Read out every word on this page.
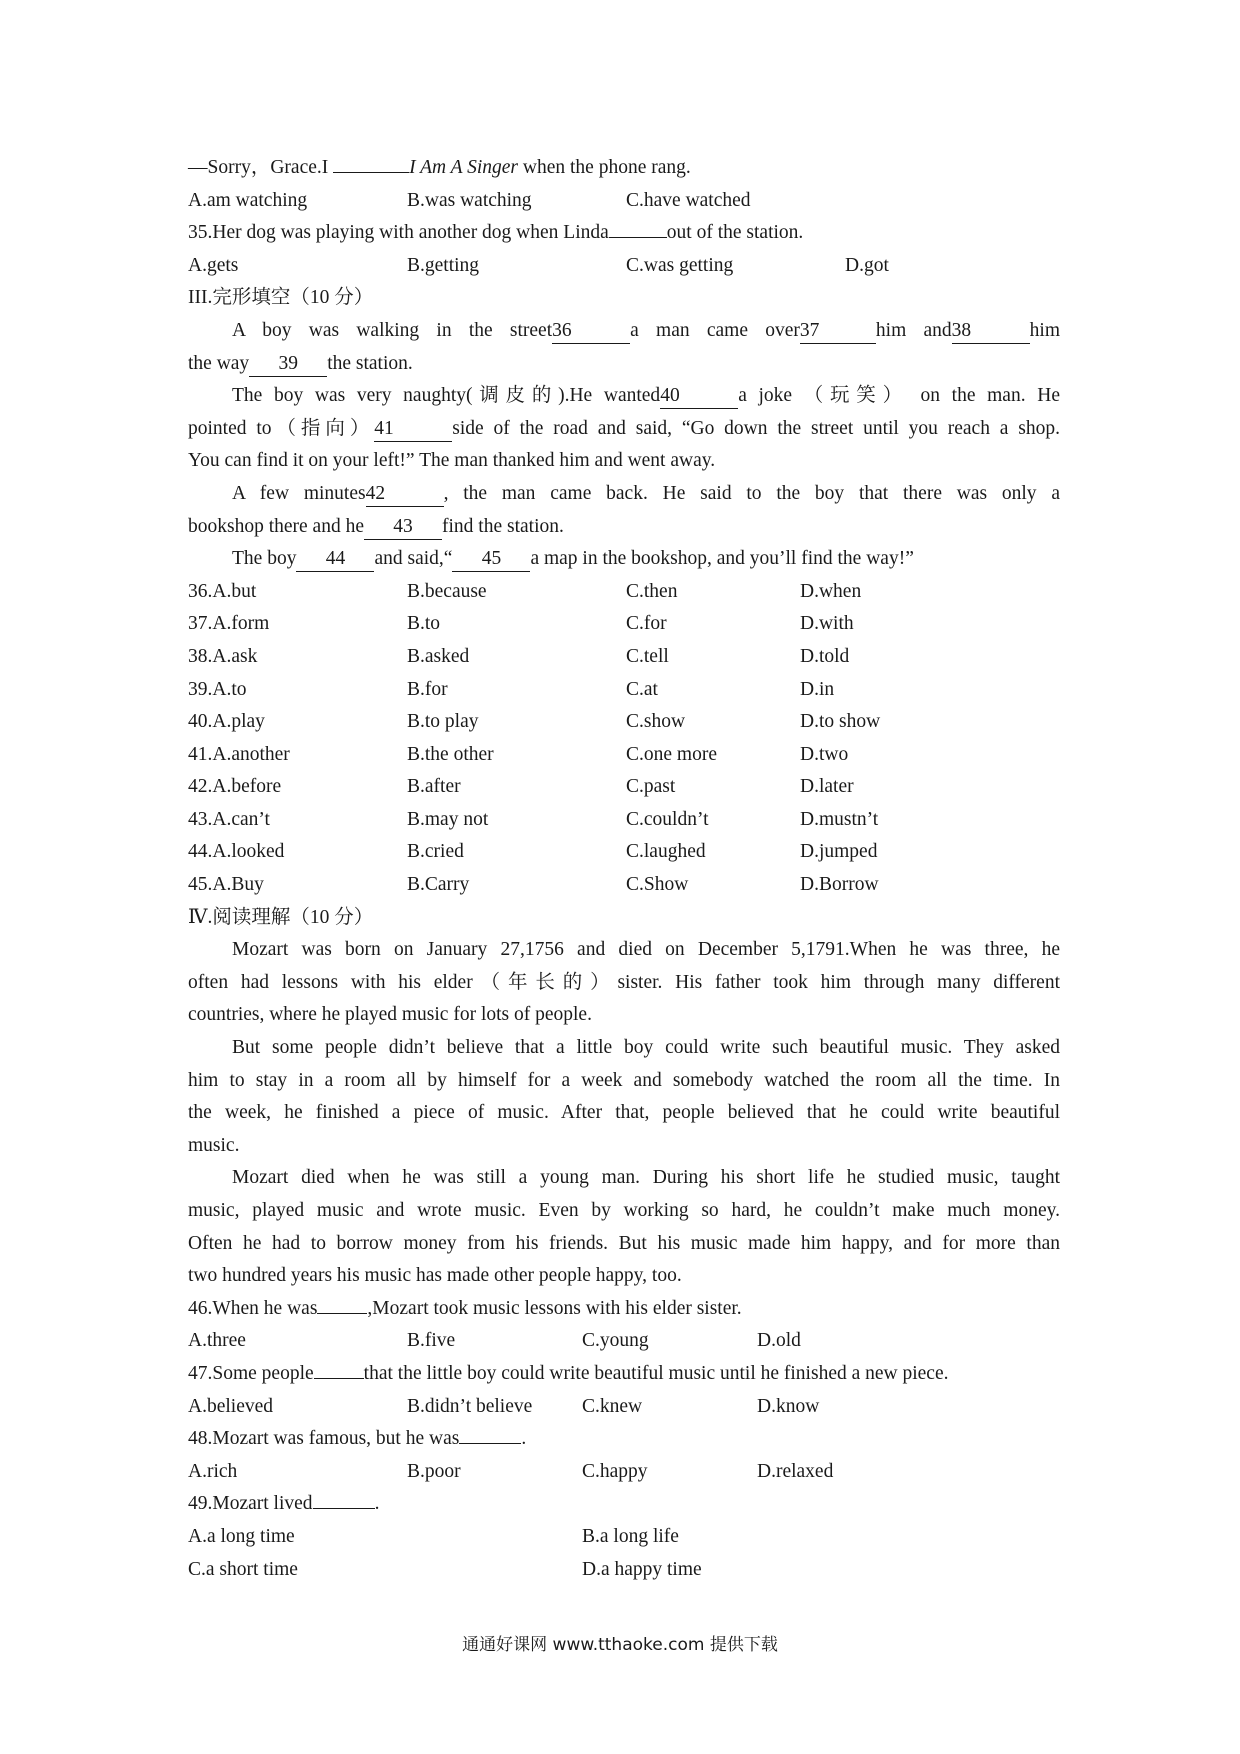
—Sorry，Grace.I	I Am A Singer when the phone rang.
A.am watching	B.was watching	C.have watched
35.Her dog was playing with another dog when Linda	out of the station.
A.gets	B.getting	C.was getting	D.got
III.完形填空（10 分）
A boy was walking in the street36	a man came over37	him and38	him
the way 39 the station.
The boy was very naughty(调皮的).He wanted40	a joke （玩笑） on the man. He
pointed to（指向）41	side of the road and said, “Go down the street until you reach a shop.
You can find it on your left!” The man thanked him and went away.
A few minutes42	, the man came back. He said to the boy that there was only a
bookshop there and he 43 find the station.
The boy 44 and said,“ 45 a map in the bookshop, and you’ll find the way!”
36.A.but	B.because	C.then	D.when
37.A.form	B.to	C.for	D.with
38.A.ask	B.asked	C.tell	D.told
39.A.to	B.for	C.at	D.in
40.A.play	B.to play	C.show	D.to show
41.A.another	B.the other	C.one more	D.two
42.A.before	B.after	C.past	D.later
43.A.can’t	B.may not	C.couldn’t	D.mustn’t
44.A.looked	B.cried	C.laughed	D.jumped
45.A.Buy	B.Carry	C.Show	D.Borrow
Ⅳ.阅读理解（10 分）
Mozart was born on January 27,1756 and died on December 5,1791.When he was three, he
often had lessons with his elder（年长的）sister. His father took him through many different
countries, where he played music for lots of people.
But some people didn’t believe that a little boy could write such beautiful music. They asked
him to stay in a room all by himself for a week and somebody watched the room all the time. In
the week, he finished a piece of music. After that, people believed that he could write beautiful
music.
Mozart died when he was still a young man. During his short life he studied music, taught
music, played music and wrote music. Even by working so hard, he couldn’t make much money.
Often he had to borrow money from his friends. But his music made him happy, and for more than
two hundred years his music has made other people happy, too.
46.When he was	,Mozart took music lessons with his elder sister.
A.three	B.five	C.young	D.old
47.Some people	that the little boy could write beautiful music until he finished a new piece.
A.believed	B.didn’t believe	C.knew	D.know
48.Mozart was famous, but he was	.
A.rich	B.poor	C.happy	D.relaxed
49.Mozart lived	.
A.a long time	B.a long life
C.a short time	D.a happy time
通通好课网 www.tthaoke.com 提供下载
